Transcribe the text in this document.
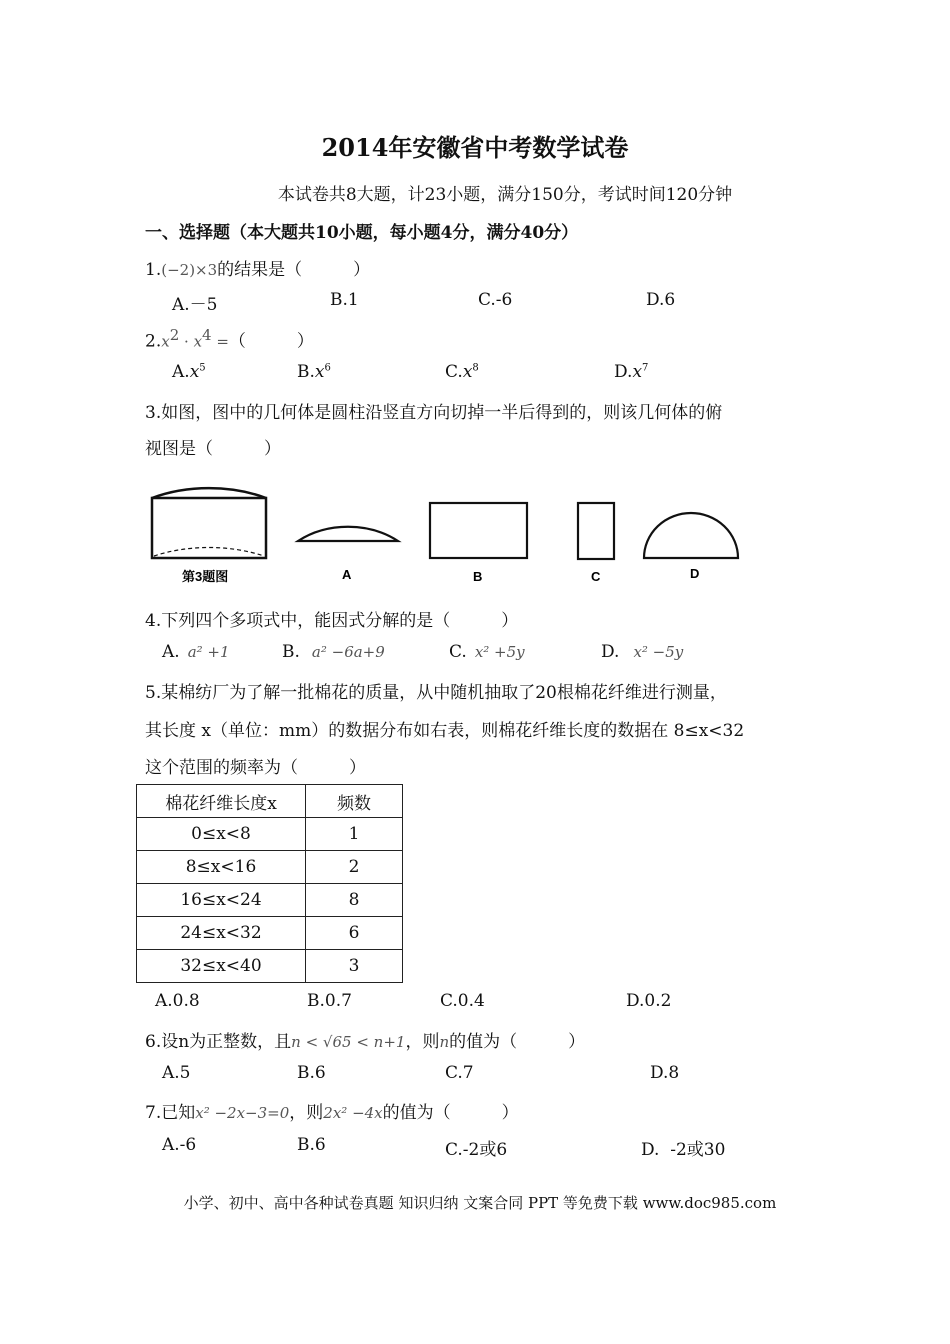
2014年安徽省中考数学试卷
本试卷共8大题，计23小题，满分150分，考试时间120分钟
一、选择题（本大题共10小题，每小题4分，满分40分）
1.(−2)×3的结果是（　　　）
A.－5	B.1	C.-6	D.6
$2.x^2 \cdot x^4$ =（　　　）
$A.x^5$	$B.x^6$	$C.x^8$	$D.x^7$
3.如图，图中的几何体是圆柱沿竖直方向切掉一半后得到的，则该几何体的俯
视图是（　　　）
第3题图	A	B	C	D
4.下列四个多项式中，能因式分解的是（　　　）
A. a² +1	B. a² −6a+9	C. x² +5y	D. x² −5y
5.某棉纺厂为了解一批棉花的质量，从中随机抽取了20根棉花纤维进行测量，
其长度 x（单位：mm）的数据分布如右表，则棉花纤维长度的数据在 8≤x<32
这个范围的频率为（　　　）
棉花纤维长度x	频数
0≤x<8	1
8≤x<16	2
16≤x<24	8
24≤x<32	6
32≤x<40	3
A.0.8	B.0.7	C.0.4	D.0.2
6.设n为正整数，且n < √65 < n+1，则n的值为（　　　）
A.5	B.6	C.7	D.8
7.已知x² −2x−3=0，则2x² −4x的值为（　　　）
A.-6	B.6	C.-2或6	D.  -2或30
小学、初中、高中各种试卷真题 知识归纳 文案合同 PPT 等免费下载 www.doc985.com
